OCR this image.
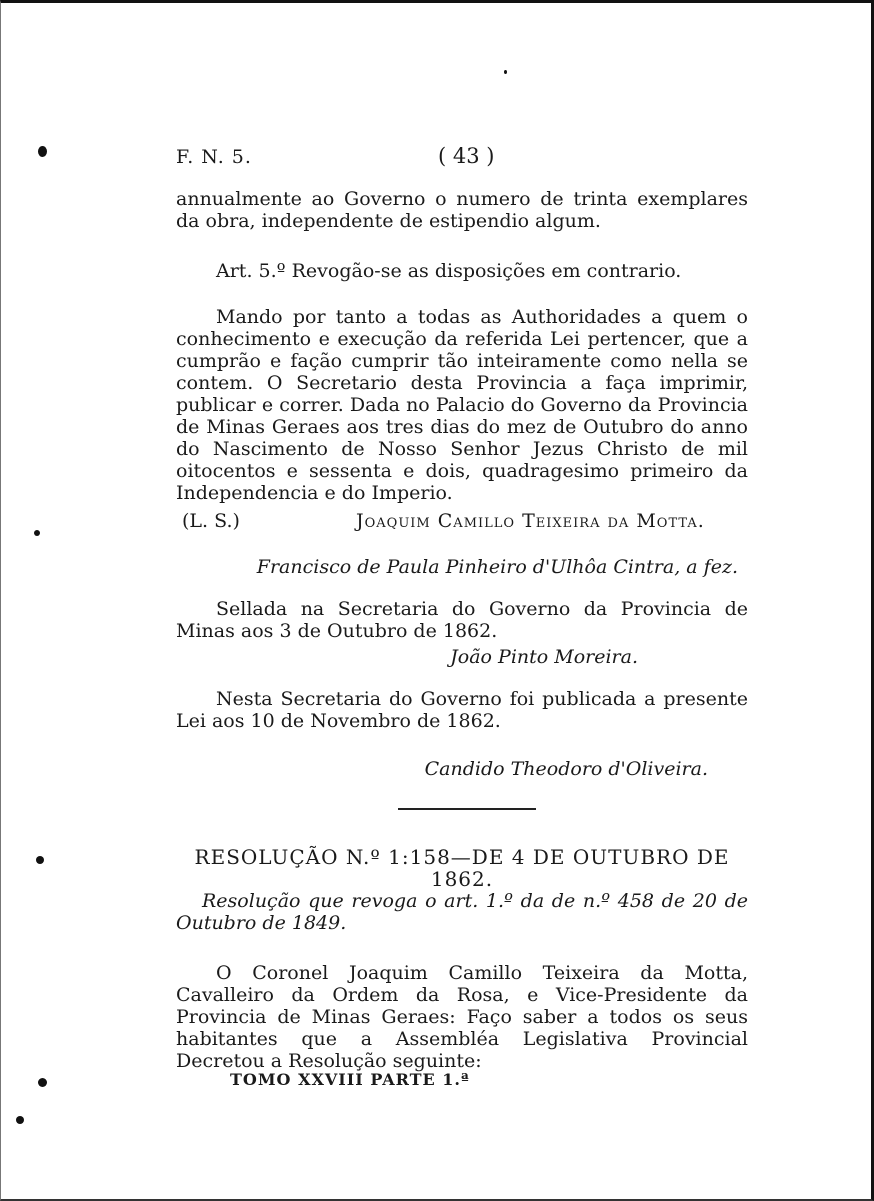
F. N. 5.	( 43 )
annualmente ao Governo o numero de trinta exemplares da obra, independente de estipendio algum.
Art. 5.º Revogão-se as disposições em contrario.
Mando por tanto a todas as Authoridades a quem o conhecimento e execução da referida Lei pertencer, que a cumprão e fação cumprir tão inteiramente como nella se contem. O Secretario desta Provincia a faça imprimir, publicar e correr. Dada no Palacio do Governo da Provincia de Minas Geraes aos tres dias do mez de Outubro do anno do Nascimento de Nosso Senhor Jezus Christo de mil oitocentos e sessenta e dois, quadragesimo primeiro da Independencia e do Imperio.
(L. S.)	Joaquim Camillo Teixeira da Motta.
Francisco de Paula Pinheiro d'Ulhôa Cintra, a fez.
Sellada na Secretaria do Governo da Provincia de Minas aos 3 de Outubro de 1862.
João Pinto Moreira.
Nesta Secretaria do Governo foi publicada a presente Lei aos 10 de Novembro de 1862.
Candido Theodoro d'Oliveira.
RESOLUÇÃO N.º 1:158—DE 4 DE OUTUBRO DE 1862.
Resolução que revoga o art. 1.º da de n.º 458 de 20 de Outubro de 1849.
O Coronel Joaquim Camillo Teixeira da Motta, Cavalleiro da Ordem da Rosa, e Vice-Presidente da Provincia de Minas Geraes: Faço saber a todos os seus habitantes que a Assembléa Legislativa Provincial Decretou a Resolução seguinte:
TOMO XXVIII PARTE 1.ª
